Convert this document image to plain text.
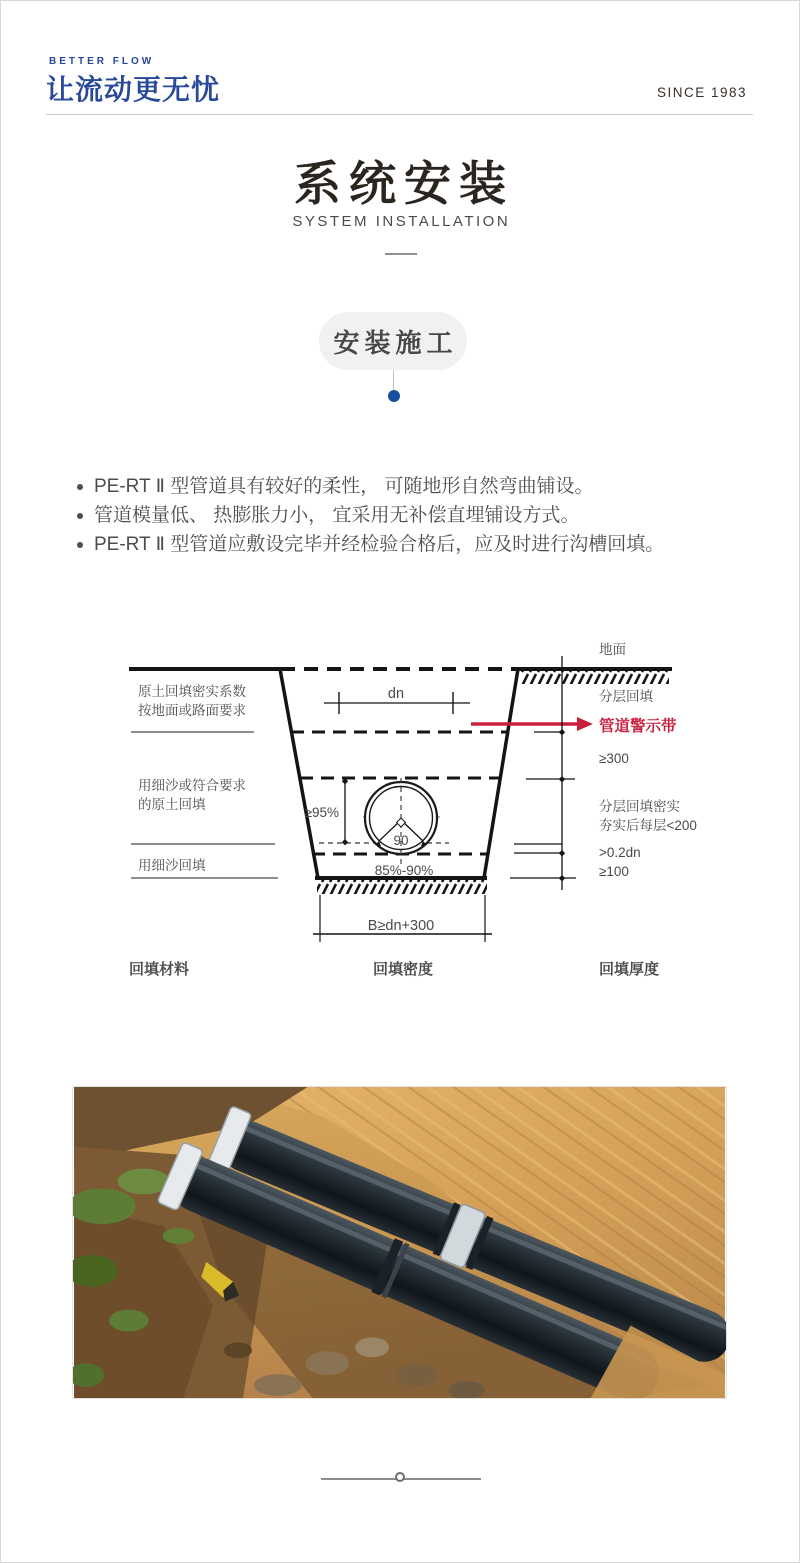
BETTER FLOW
让流动更无忧	SINCE 1983
系统安装
SYSTEM INSTALLATION
安装施工
PE-RT Ⅱ 型管道具有较好的柔性， 可随地形自然弯曲铺设。
管道模量低、 热膨胀力小， 宜采用无补偿直埋铺设方式。
PE-RT Ⅱ 型管道应敷设完毕并经检验合格后，应及时进行沟槽回填。
90
≥95%
dn
B≥dn+300
85%-90%
原土回填密实系数
按地面或路面要求
用细沙或符合要求
的原土回填
用细沙回填
地面
分层回填
管道警示带
≥300
分层回填密实
夯实后每层<200
>0.2dn
≥100
回填材料	回填密度	回填厚度
